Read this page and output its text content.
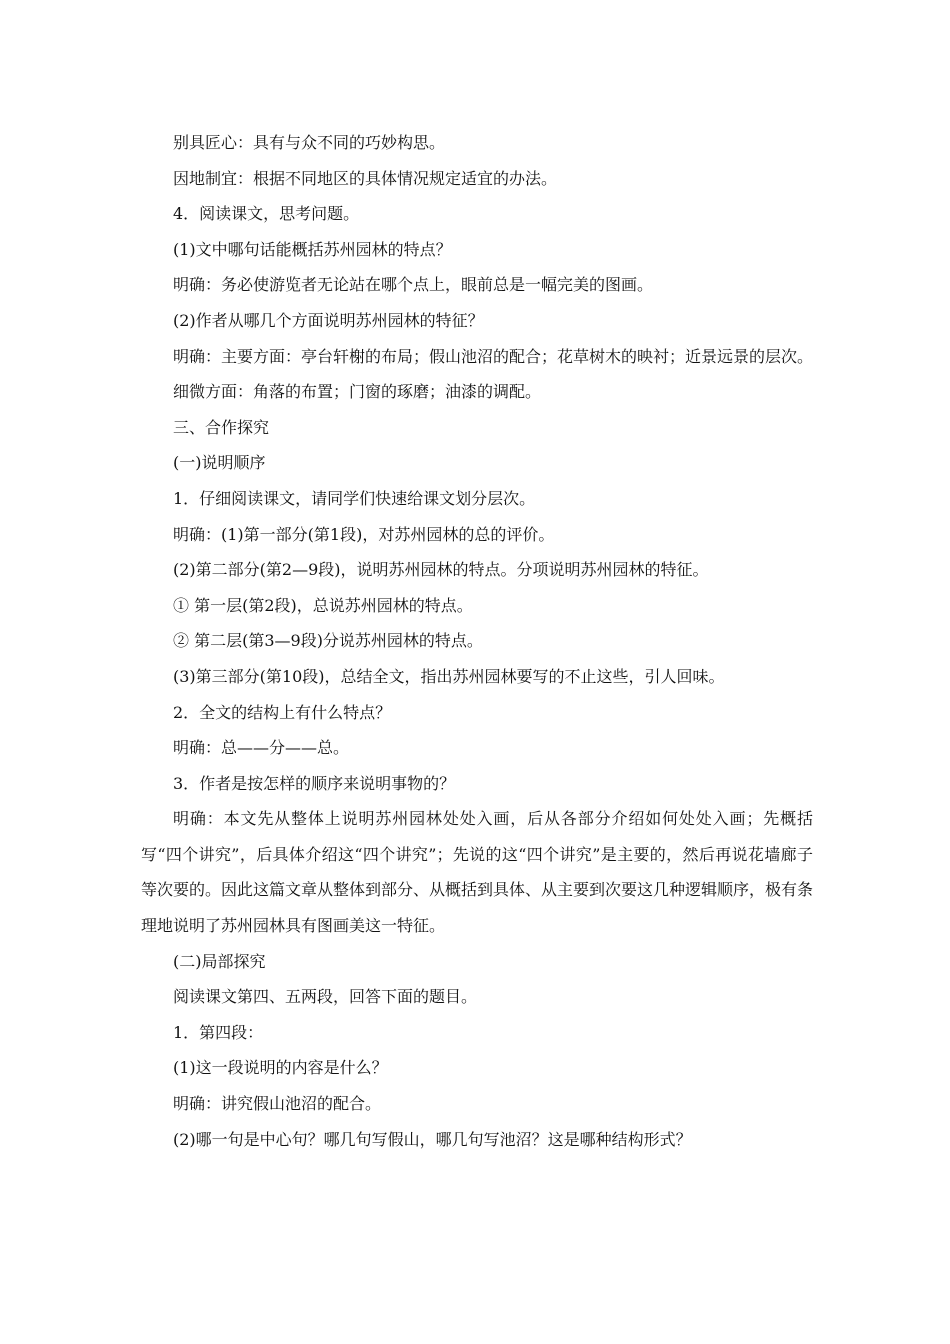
别具匠心：具有与众不同的巧妙构思。

因地制宜：根据不同地区的具体情况规定适宜的办法。

4．阅读课文，思考问题。

(1)文中哪句话能概括苏州园林的特点？

明确：务必使游览者无论站在哪个点上，眼前总是一幅完美的图画。

(2)作者从哪几个方面说明苏州园林的特征？

明确：主要方面：亭台轩榭的布局；假山池沼的配合；花草树木的映衬；近景远景的层次。

细微方面：角落的布置；门窗的琢磨；油漆的调配。

三、合作探究

(一)说明顺序

1．仔细阅读课文，请同学们快速给课文划分层次。

明确：(1)第一部分(第1段)，对苏州园林的总的评价。

(2)第二部分(第2—9段)，说明苏州园林的特点。分项说明苏州园林的特征。

① 第一层(第2段)，总说苏州园林的特点。

② 第二层(第3—9段)分说苏州园林的特点。

(3)第三部分(第10段)，总结全文，指出苏州园林要写的不止这些，引人回味。

2．全文的结构上有什么特点？

明确：总——分——总。

3．作者是按怎样的顺序来说明事物的？

明确：本文先从整体上说明苏州园林处处入画，后从各部分介绍如何处处入画；先概括写“四个讲究”，后具体介绍这“四个讲究”；先说的这“四个讲究”是主要的，然后再说花墙廊子等次要的。因此这篇文章从整体到部分、从概括到具体、从主要到次要这几种逻辑顺序，极有条理地说明了苏州园林具有图画美这一特征。

(二)局部探究

阅读课文第四、五两段，回答下面的题目。

1．第四段：

(1)这一段说明的内容是什么？

明确：讲究假山池沼的配合。

(2)哪一句是中心句？哪几句写假山，哪几句写池沼？这是哪种结构形式？
